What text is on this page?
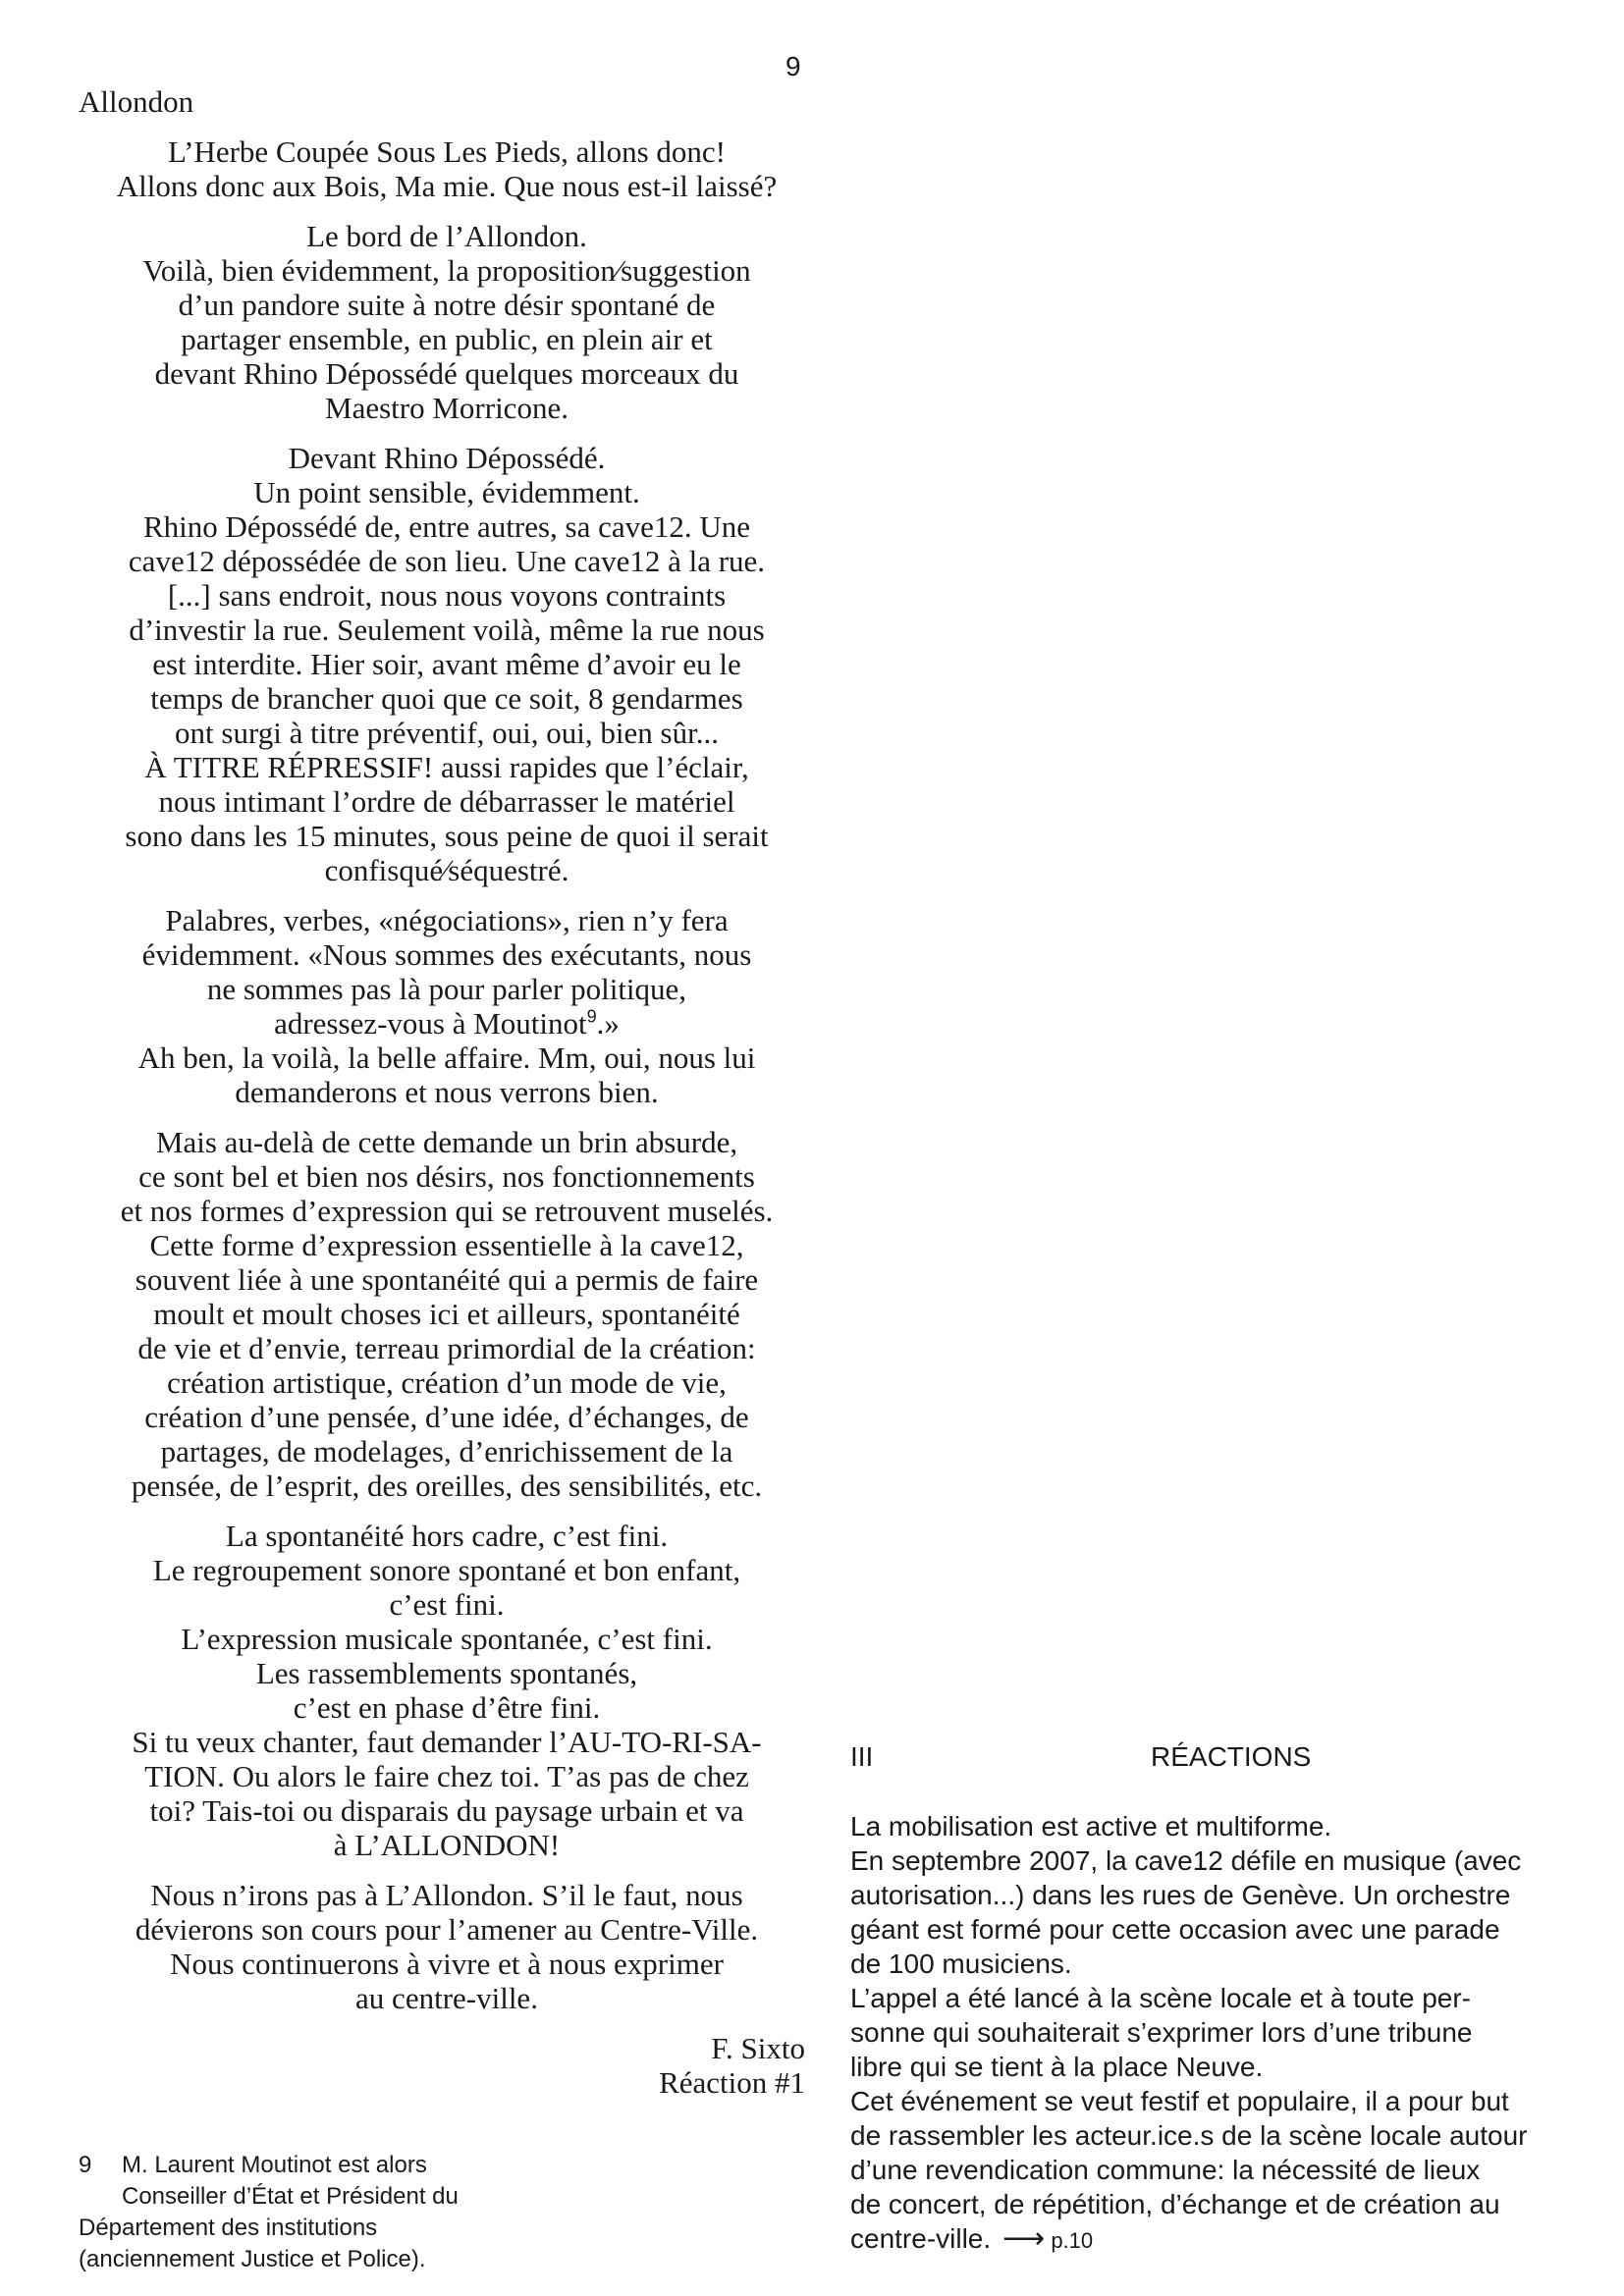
9
Allondon
L’Herbe Coupée Sous Les Pieds, allons donc!
Allons donc aux Bois, Ma mie. Que nous est-il laissé?
Le bord de l’Allondon.
Voilà, bien évidemment, la proposition⁄suggestion
d’un pandore suite à notre désir spontané de
partager ensemble, en public, en plein air et
devant Rhino Dépossédé quelques morceaux du
Maestro Morricone.
Devant Rhino Dépossédé.
Un point sensible, évidemment.
Rhino Dépossédé de, entre autres, sa cave12. Une
cave12 dépossédée de son lieu. Une cave12 à la rue.
[...] sans endroit, nous nous voyons contraints
d’investir la rue. Seulement voilà, même la rue nous
est interdite. Hier soir, avant même d’avoir eu le
temps de brancher quoi que ce soit, 8 gendarmes
ont surgi à titre préventif, oui, oui, bien sûr...
À TITRE RÉPRESSIF! aussi rapides que l’éclair,
nous intimant l’ordre de débarrasser le matériel
sono dans les 15 minutes, sous peine de quoi il serait
confisqué⁄séquestré.
Palabres, verbes, «négociations», rien n’y fera
évidemment. «Nous sommes des exécutants, nous
ne sommes pas là pour parler politique,
adressez-vous à Moutinot$^9$.»
Ah ben, la voilà, la belle affaire. Mm, oui, nous lui
demanderons et nous verrons bien.
Mais au-delà de cette demande un brin absurde,
ce sont bel et bien nos désirs, nos fonctionnements
et nos formes d’expression qui se retrouvent muselés.
Cette forme d’expression essentielle à la cave12,
souvent liée à une spontanéité qui a permis de faire
moult et moult choses ici et ailleurs, spontanéité
de vie et d’envie, terreau primordial de la création:
création artistique, création d’un mode de vie,
création d’une pensée, d’une idée, d’échanges, de
partages, de modelages, d’enrichissement de la
pensée, de l’esprit, des oreilles, des sensibilités, etc.
La spontanéité hors cadre, c’est fini.
Le regroupement sonore spontané et bon enfant,
c’est fini.
L’expression musicale spontanée, c’est fini.
Les rassemblements spontanés,
c’est en phase d’être fini.
Si tu veux chanter, faut demander l’AU-TO-RI-SA-
TION. Ou alors le faire chez toi. T’as pas de chez
toi? Tais-toi ou disparais du paysage urbain et va
à L’ALLONDON!
Nous n’irons pas à L’Allondon. S’il le faut, nous
dévierons son cours pour l’amener au Centre-Ville.
Nous continuerons à vivre et à nous exprimer
au centre-ville.
F. Sixto
Réaction #1
9 M. Laurent Moutinot est alors
Conseiller d’État et Président du
Département des institutions
(anciennement Justice et Police).
III	RÉACTIONS
La mobilisation est active et multiforme.
En septembre 2007, la cave12 défile en musique (avec
autorisation...) dans les rues de Genève. Un orchestre
géant est formé pour cette occasion avec une parade
de 100 musiciens.
L’appel a été lancé à la scène locale et à toute per-
sonne qui souhaiterait s’exprimer lors d’une tribune
libre qui se tient à la place Neuve.
Cet événement se veut festif et populaire, il a pour but
de rassembler les acteur.ice.s de la scène locale autour
d’une revendication commune: la nécessité de lieux
de concert, de répétition, d’échange et de création au
centre-ville. ⟶ p.10
